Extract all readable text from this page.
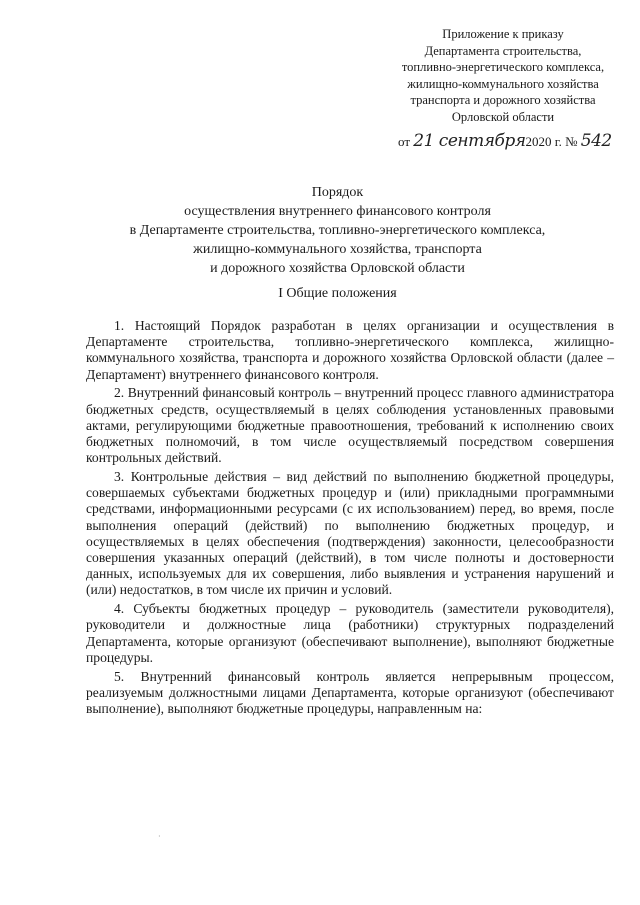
Приложение к приказу
Департамента строительства,
топливно-энергетического комплекса,
жилищно-коммунального хозяйства
транспорта и дорожного хозяйства
Орловской области
от 21 сентября2020 г. № 542
Порядок
осуществления внутреннего финансового контроля
в Департаменте строительства, топливно-энергетического комплекса,
жилищно-коммунального хозяйства, транспорта
и дорожного хозяйства Орловской области
I Общие положения

1. Настоящий Порядок разработан в целях организации и осуществления в Департаменте строительства, топливно-энергетического комплекса, жилищно-коммунального хозяйства, транспорта и дорожного хозяйства Орловской области (далее – Департамент) внутреннего финансового контроля.

2. Внутренний финансовый контроль – внутренний процесс главного администратора бюджетных средств, осуществляемый в целях соблюдения установленных правовыми актами, регулирующими бюджетные правоотношения, требований к исполнению своих бюджетных полномочий, в том числе осуществляемый посредством совершения контрольных действий.

3. Контрольные действия – вид действий по выполнению бюджетной процедуры, совершаемых субъектами бюджетных процедур и (или) прикладными программными средствами, информационными ресурсами (с их использованием) перед, во время, после выполнения операций (действий) по выполнению бюджетных процедур, и осуществляемых в целях обеспечения (подтверждения) законности, целесообразности совершения указанных операций (действий), в том числе полноты и достоверности данных, используемых для их совершения, либо выявления и устранения нарушений и (или) недостатков, в том числе их причин и условий.

4. Субъекты бюджетных процедур – руководитель (заместители руководителя), руководители и должностные лица (работники) структурных подразделений Департамента, которые организуют (обеспечивают выполнение), выполняют бюджетные процедуры.

5. Внутренний финансовый контроль является непрерывным процессом, реализуемым должностными лицами Департамента, которые организуют (обеспечивают выполнение), выполняют бюджетные процедуры, направленным на:

·
